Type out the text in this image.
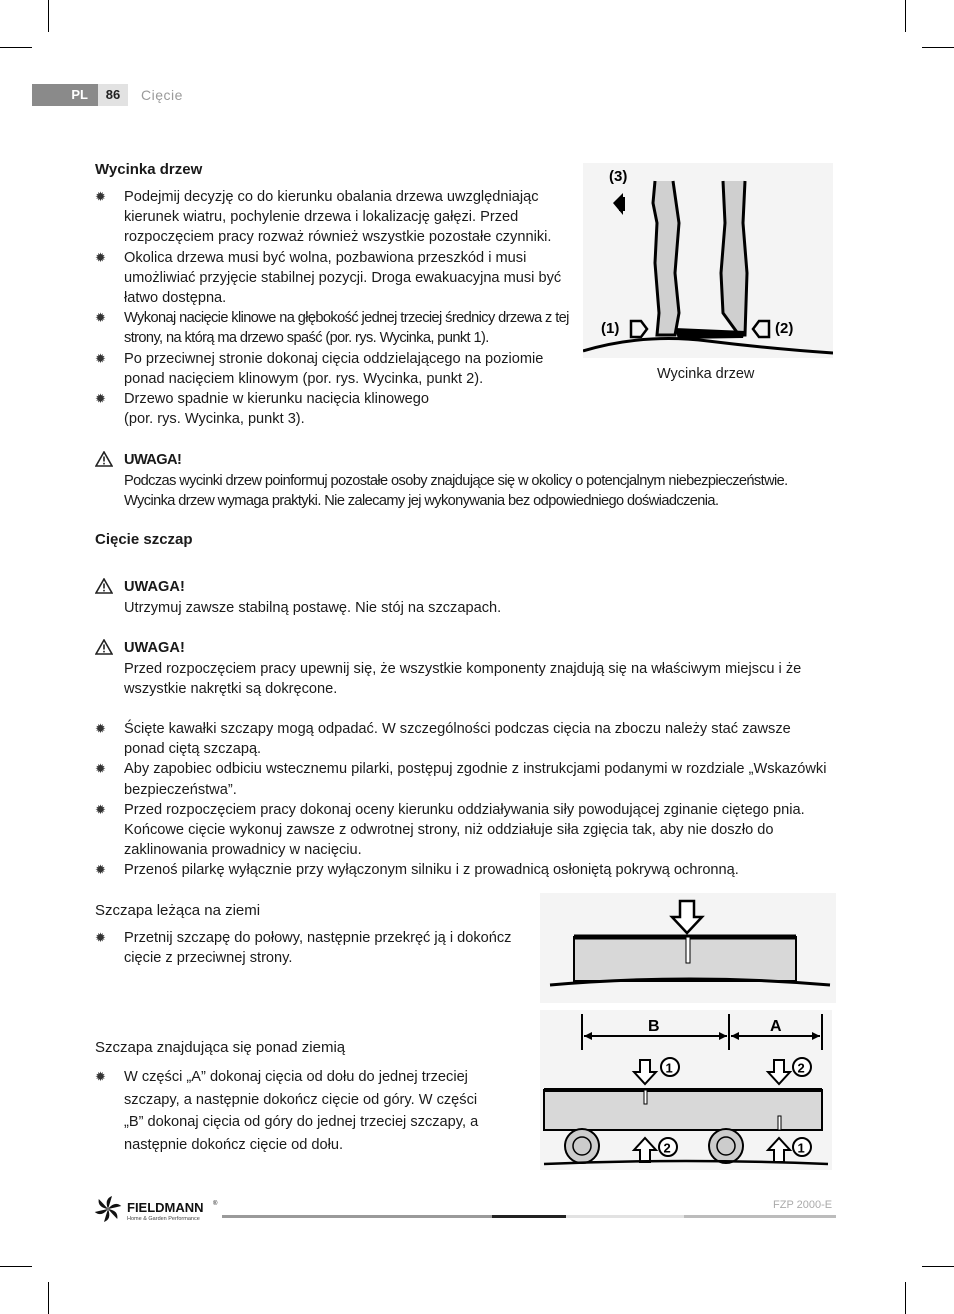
PL	86	Cięcie
Wycinka drzew
✹ Podejmij decyzję co do kierunku obalania drzewa uwzględniając kierunek wiatru, pochylenie drzewa i lokalizację gałęzi. Przed rozpoczęciem pracy rozważ również wszystkie pozostałe czynniki.
✹ Okolica drzewa musi być wolna, pozbawiona przeszkód i musi umożliwiać przyjęcie stabilnej pozycji. Droga ewakuacyjna musi być łatwo dostępna.
✹ Wykonaj nacięcie klinowe na głębokość jednej trzeciej średnicy drzewa z tej strony, na którą ma drzewo spaść (por. rys. Wycinka, punkt 1).
✹ Po przeciwnej stronie dokonaj cięcia oddzielającego na poziomie ponad nacięciem klinowym (por. rys. Wycinka, punkt 2).
✹ Drzewo spadnie w kierunku nacięcia klinowego
(por. rys. Wycinka, punkt 3).
(3)
(1)	(2)
Wycinka drzew
UWAGA!
Podczas wycinki drzew poinformuj pozostałe osoby znajdujące się w okolicy o potencjalnym niebezpieczeństwie.
Wycinka drzew wymaga praktyki. Nie zalecamy jej wykonywania bez odpowiedniego doświadczenia.
Cięcie szczap
UWAGA!
Utrzymuj zawsze stabilną postawę. Nie stój na szczapach.
UWAGA!
Przed rozpoczęciem pracy upewnij się, że wszystkie komponenty znajdują się na właściwym miejscu i że
wszystkie nakrętki są dokręcone.
✹ Ścięte kawałki szczapy mogą odpadać. W szczególności podczas cięcia na zboczu należy stać zawsze ponad ciętą szczapą.
✹ Aby zapobiec odbiciu wstecznemu pilarki, postępuj zgodnie z instrukcjami podanymi w rozdziale „Wskazówki bezpieczeństwa”.
✹ Przed rozpoczęciem pracy dokonaj oceny kierunku oddziaływania siły powodującej zginanie ciętego pnia. Końcowe cięcie wykonuj zawsze z odwrotnej strony, niż oddziałuje siła zgięcia tak, aby nie doszło do zaklinowania prowadnicy w nacięciu.
✹ Przenoś pilarkę wyłącznie przy wyłączonym silniku i z prowadnicą osłoniętą pokrywą ochronną.
Szczapa leżąca na ziemi
✹ Przetnij szczapę do połowy, następnie przekręć ją i dokończ cięcie z przeciwnej strony.
Szczapa znajdująca się ponad ziemią
✹ W części „A” dokonaj cięcia od dołu do jednej trzeciej szczapy, a następnie dokończ cięcie od góry. W części „B” dokonaj cięcia od góry do jednej trzeciej szczapy, a następnie dokończ cięcie od dołu.
B	A
1	2
2	1
FIELDMANN ®
Home & Garden Performance
FZP 2000-E
